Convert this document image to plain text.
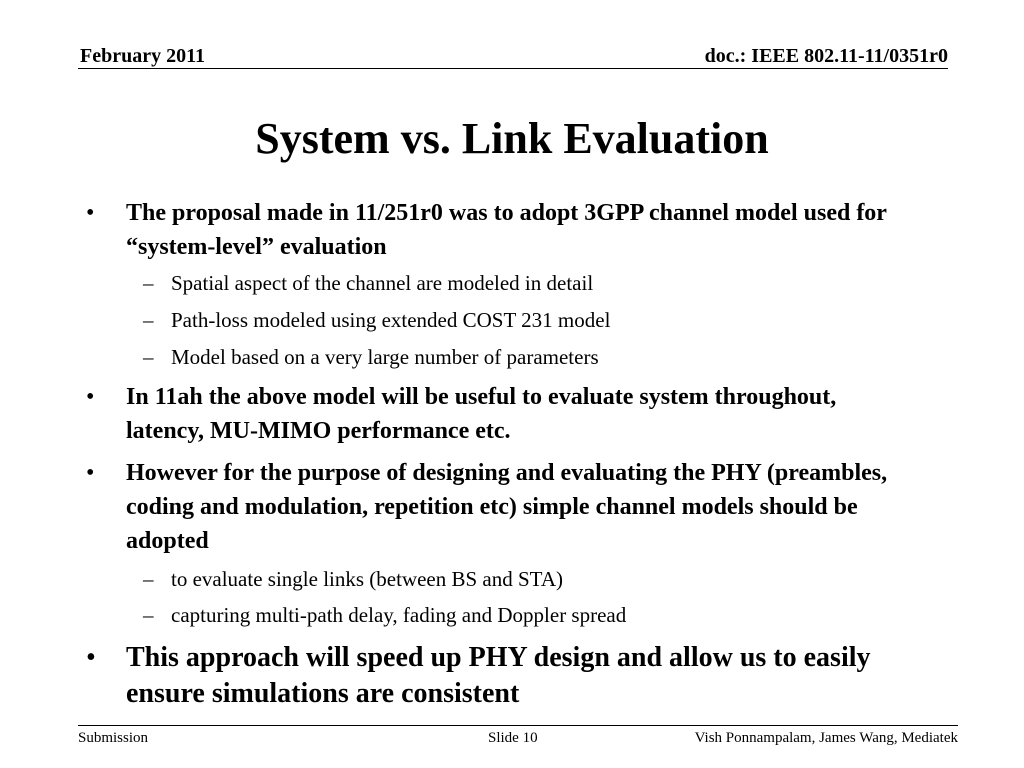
February 2011	doc.: IEEE 802.11-11/0351r0
System vs. Link Evaluation
•	The proposal made in 11/251r0 was to adopt 3GPP channel model used for “system-level” evaluation
– Spatial aspect of the channel are modeled in detail
– Path-loss modeled using extended COST 231 model
– Model based on a very large number of parameters
•	In 11ah the above model will be useful to evaluate system throughout, latency, MU-MIMO performance etc.
•	However for the purpose of designing and evaluating the PHY (preambles, coding and modulation, repetition etc) simple channel models should be adopted
– to evaluate single links (between BS and STA)
– capturing multi-path delay, fading and Doppler spread
•	This approach will speed up PHY design and allow us to easily ensure simulations are consistent
Submission	Slide 10	Vish Ponnampalam, James Wang, Mediatek
